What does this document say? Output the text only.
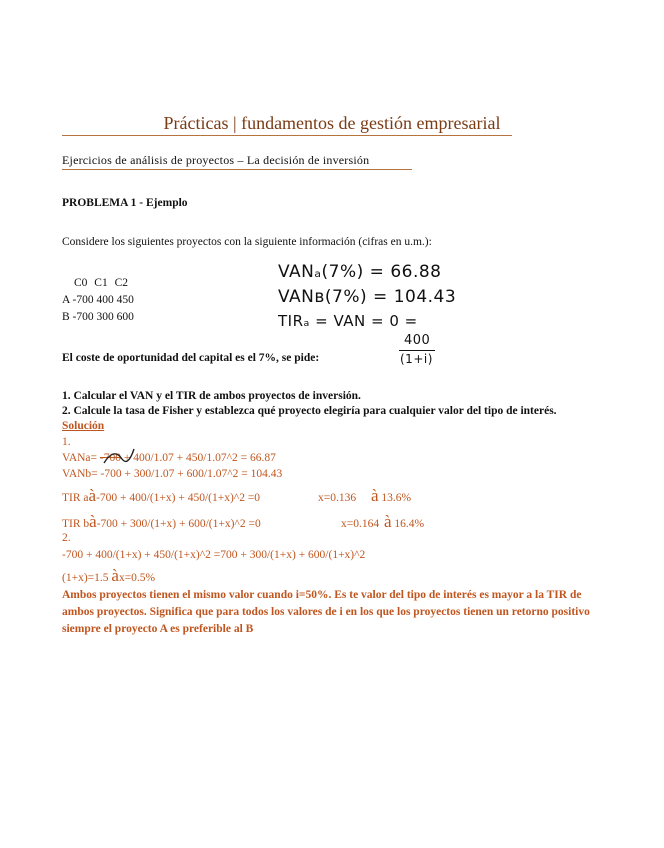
Prácticas | fundamentos de gestión empresarial
Ejercicios de análisis de proyectos – La decisión de inversión
PROBLEMA 1 - Ejemplo
Considere los siguientes proyectos con la siguiente información (cifras en u.m.):
C0 C1 C2
A -700 400 450
B -700 300 600
VANₐ(7%) = 66.88
VANв(7%) = 104.43
TIRₐ = VAN = 0 =
400
(1+i)
El coste de oportunidad del capital es el 7%, se pide:
1. Calcular el VAN y el TIR de ambos proyectos de inversión.
2. Calcule la tasa de Fisher y establezca qué proyecto elegiría para cualquier valor del tipo de interés.
Solución
1.
VANa= -700 + 400/1.07 + 450/1.07^2 = 66.87
VANb= -700 + 300/1.07 + 600/1.07^2 = 104.43
TIR aà-700 + 400/(1+x) + 450/(1+x)^2 =0	x=0.136 à 13.6%
TIR bà-700 + 300/(1+x) + 600/(1+x)^2 =0	x=0.164 à 16.4%
2.
-700 + 400/(1+x) + 450/(1+x)^2 =700 + 300/(1+x) + 600/(1+x)^2
(1+x)=1.5 àx=0.5%
Ambos proyectos tienen el mismo valor cuando i=50%. Es te valor del tipo de interés es mayor a la TIR de ambos proyectos. Significa que para todos los valores de i en los que los proyectos tienen un retorno positivo siempre el proyecto A es preferible al B
